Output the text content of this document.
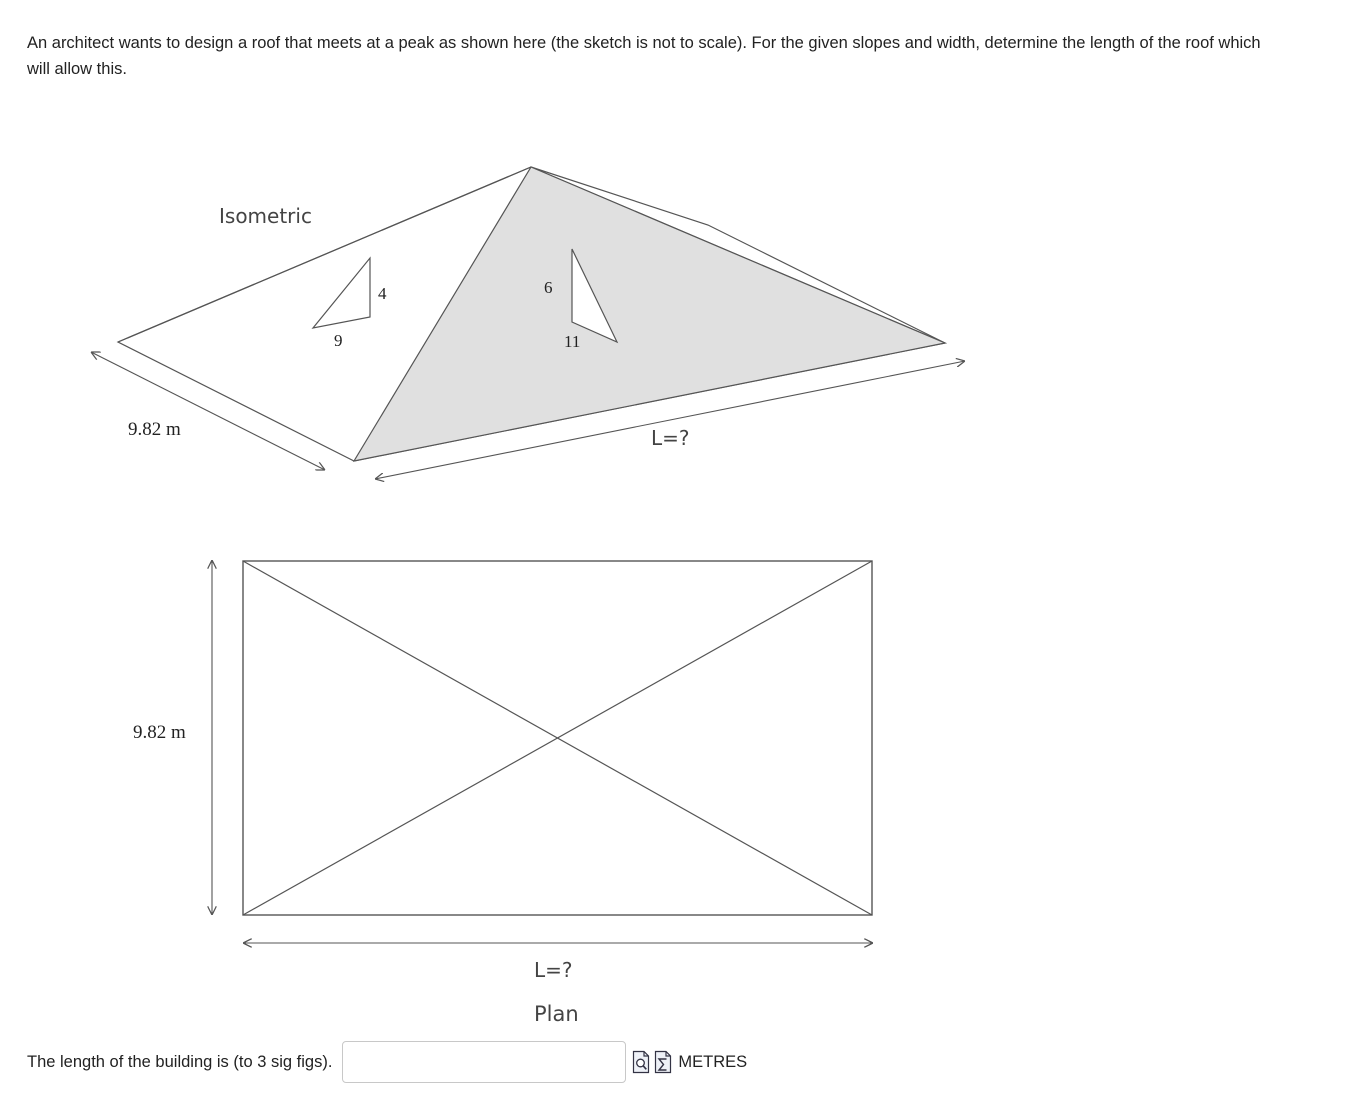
An architect wants to design a roof that meets at a peak as shown here (the sketch is not to scale). For the given slopes and width, determine the length of the roof which will allow this.

Isometric
4
9
6
11
9.82 m	L=?
9.82 m
L=?
Plan
The length of the building is (to 3 sig figs).	METRES
